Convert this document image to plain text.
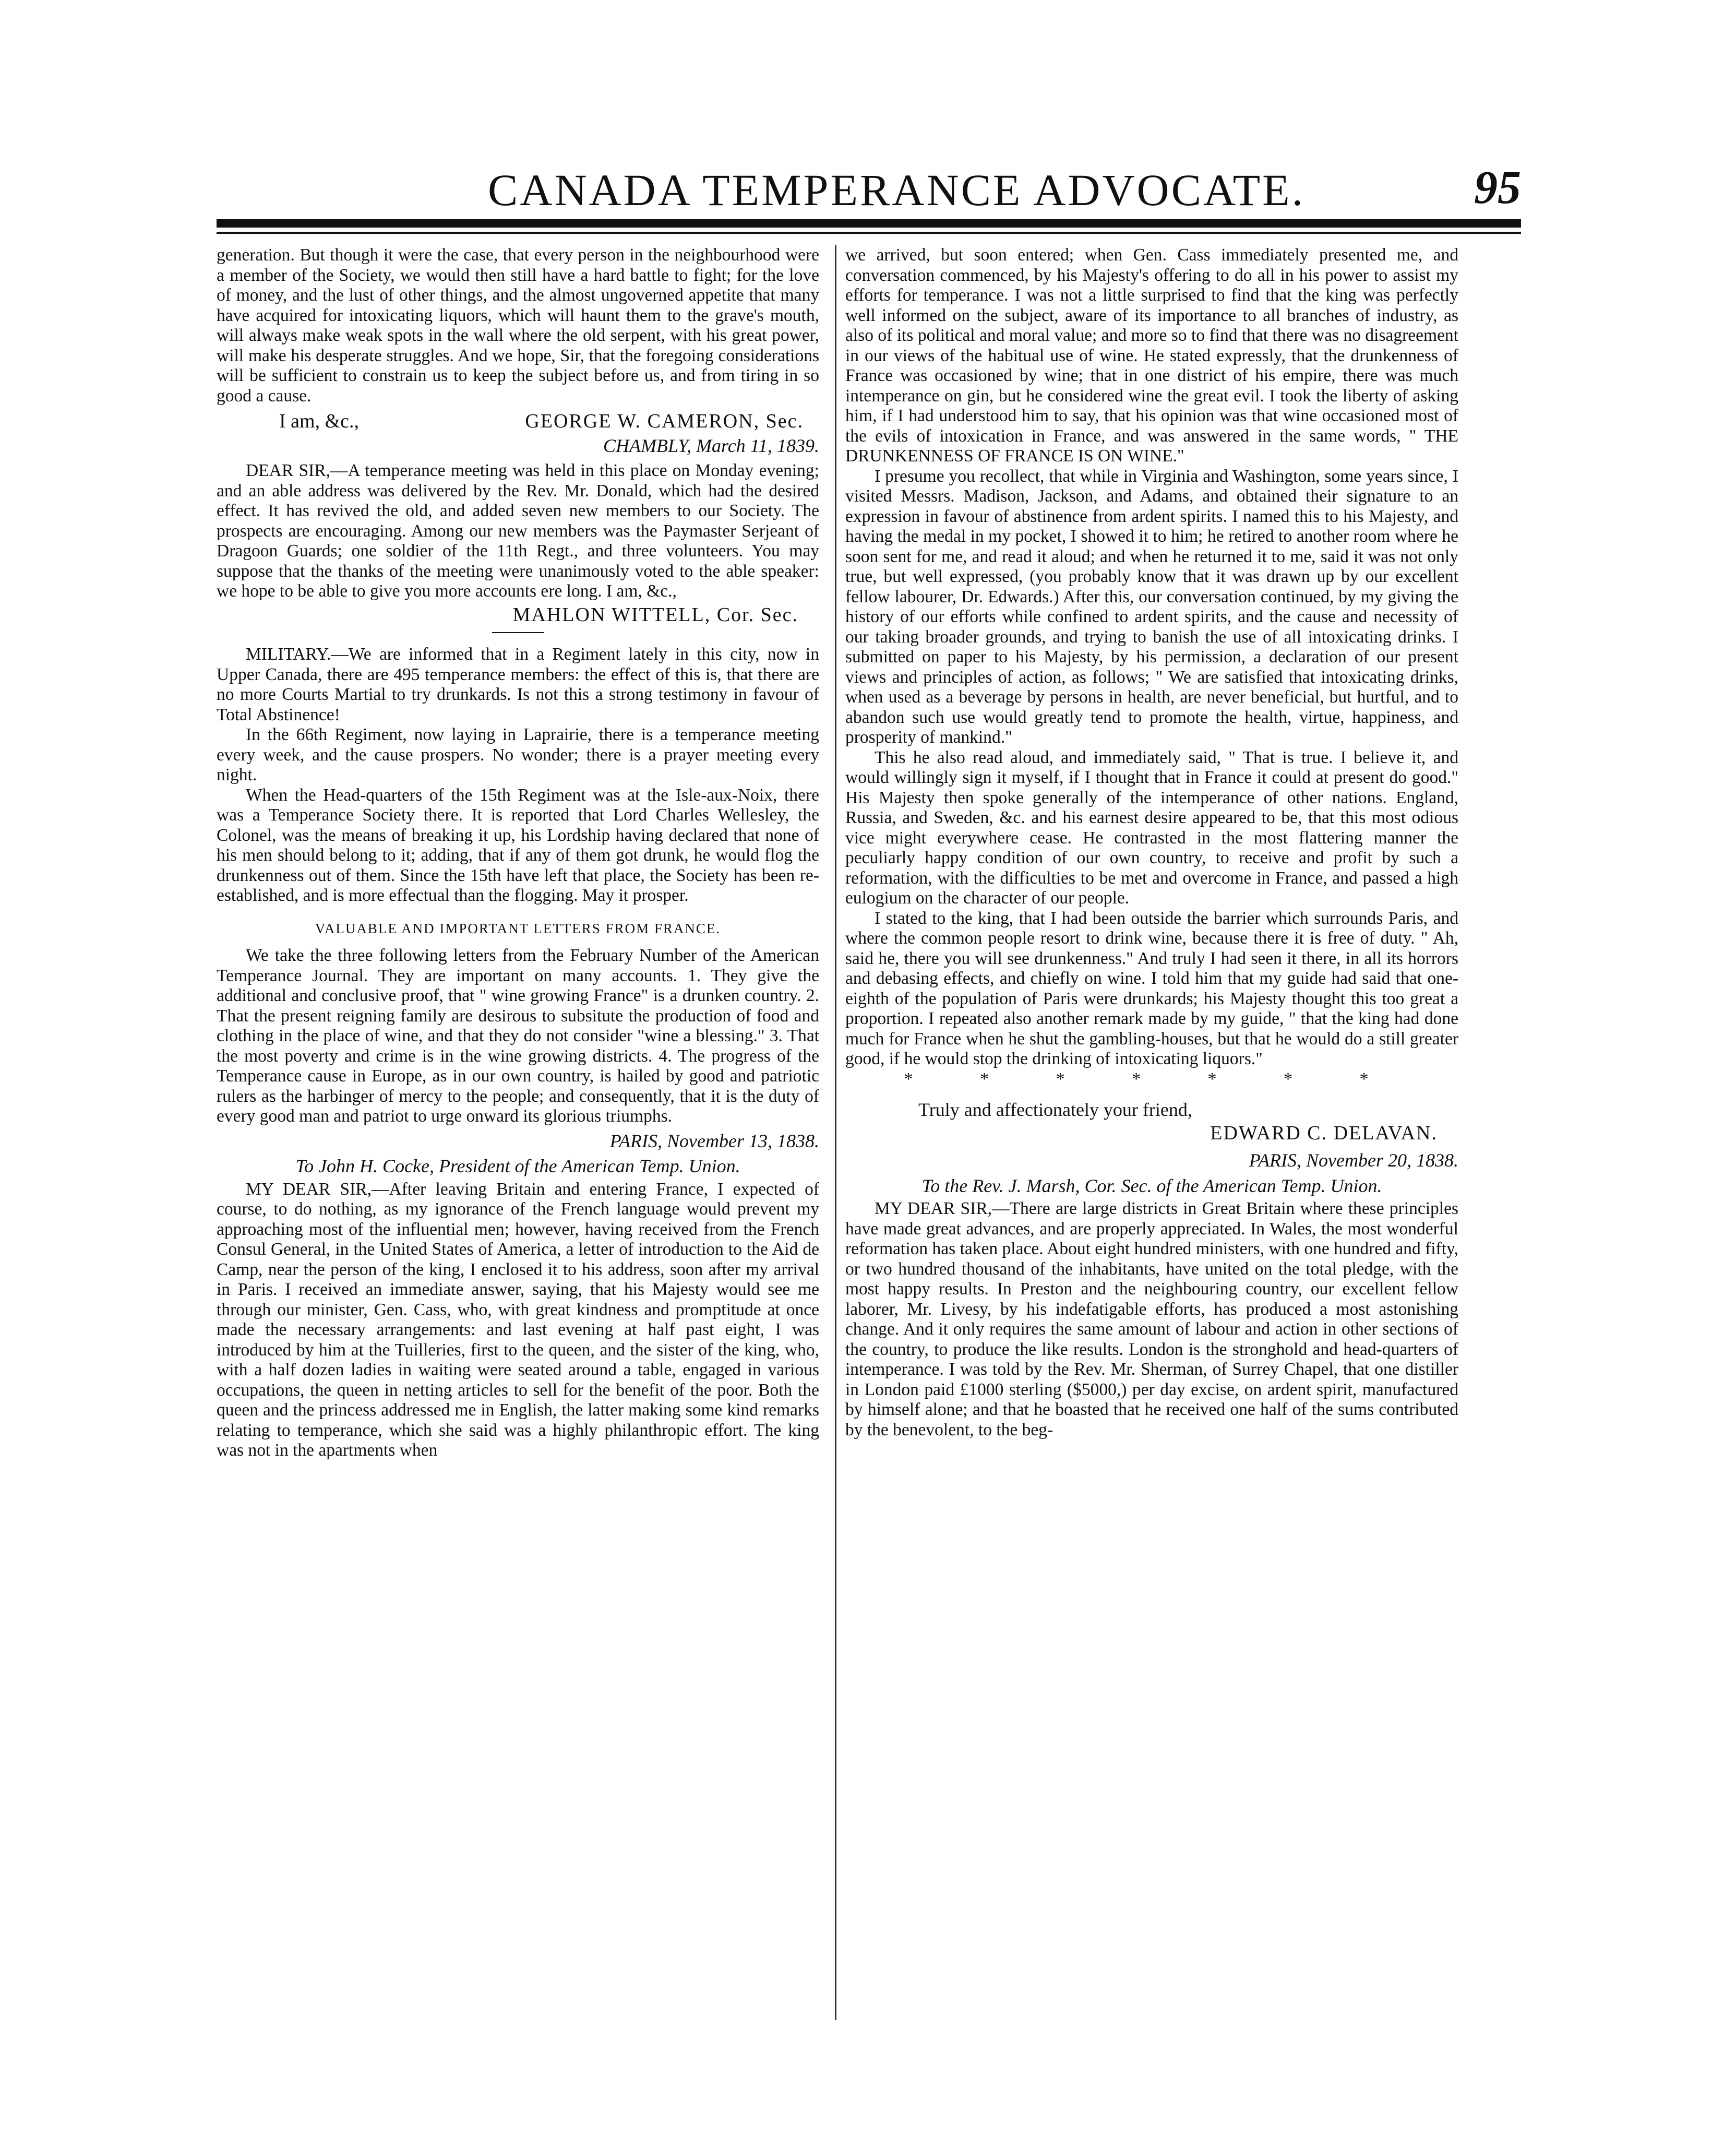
CANADA TEMPERANCE ADVOCATE.	95

generation. But though it were the case, that every person in the neighbourhood were a member of the Society, we would then still have a hard battle to fight; for the love of money, and the lust of other things, and the almost ungoverned appetite that many have acquired for intoxicating liquors, which will haunt them to the grave's mouth, will always make weak spots in the wall where the old serpent, with his great power, will make his desperate struggles. And we hope, Sir, that the foregoing considerations will be sufficient to constrain us to keep the subject before us, and from tiring in so good a cause.

I am, &c.,	GEORGE W. CAMERON, Sec.
CHAMBLY, March 11, 1839.

DEAR SIR,—A temperance meeting was held in this place on Monday evening; and an able address was delivered by the Rev. Mr. Donald, which had the desired effect. It has revived the old, and added seven new members to our Society. The prospects are encouraging. Among our new members was the Paymaster Serjeant of Dragoon Guards; one soldier of the 11th Regt., and three volunteers. You may suppose that the thanks of the meeting were unanimously voted to the able speaker: we hope to be able to give you more accounts ere long. I am, &c.,

MAHLON WITTELL, Cor. Sec.

MILITARY.—We are informed that in a Regiment lately in this city, now in Upper Canada, there are 495 temperance members: the effect of this is, that there are no more Courts Martial to try drunkards. Is not this a strong testimony in favour of Total Abstinence!

In the 66th Regiment, now laying in Laprairie, there is a temperance meeting every week, and the cause prospers. No wonder; there is a prayer meeting every night.

When the Head-quarters of the 15th Regiment was at the Isle-aux-Noix, there was a Temperance Society there. It is reported that Lord Charles Wellesley, the Colonel, was the means of breaking it up, his Lordship having declared that none of his men should belong to it; adding, that if any of them got drunk, he would flog the drunkenness out of them. Since the 15th have left that place, the Society has been re-established, and is more effectual than the flogging. May it prosper.

VALUABLE AND IMPORTANT LETTERS FROM FRANCE.

We take the three following letters from the February Number of the American Temperance Journal. They are important on many accounts. 1. They give the additional and conclusive proof, that " wine growing France" is a drunken country. 2. That the present reigning family are desirous to subsitute the production of food and clothing in the place of wine, and that they do not consider "wine a blessing." 3. That the most poverty and crime is in the wine growing districts. 4. The progress of the Temperance cause in Europe, as in our own country, is hailed by good and patriotic rulers as the harbinger of mercy to the people; and consequently, that it is the duty of every good man and patriot to urge onward its glorious triumphs.

PARIS, November 13, 1838.
To John H. Cocke, President of the American Temp. Union.

MY DEAR SIR,—After leaving Britain and entering France, I expected of course, to do nothing, as my ignorance of the French language would prevent my approaching most of the influential men; however, having received from the French Consul General, in the United States of America, a letter of introduction to the Aid de Camp, near the person of the king, I enclosed it to his address, soon after my arrival in Paris. I received an immediate answer, saying, that his Majesty would see me through our minister, Gen. Cass, who, with great kindness and promptitude at once made the necessary arrangements: and last evening at half past eight, I was introduced by him at the Tuilleries, first to the queen, and the sister of the king, who, with a half dozen ladies in waiting were seated around a table, engaged in various occupations, the queen in netting articles to sell for the benefit of the poor. Both the queen and the princess addressed me in English, the latter making some kind remarks relating to temperance, which she said was a highly philanthropic effort. The king was not in the apartments when

we arrived, but soon entered; when Gen. Cass immediately presented me, and conversation commenced, by his Majesty's offering to do all in his power to assist my efforts for temperance. I was not a little surprised to find that the king was perfectly well informed on the subject, aware of its importance to all branches of industry, as also of its political and moral value; and more so to find that there was no disagreement in our views of the habitual use of wine. He stated expressly, that the drunkenness of France was occasioned by wine; that in one district of his empire, there was much intemperance on gin, but he considered wine the great evil. I took the liberty of asking him, if I had understood him to say, that his opinion was that wine occasioned most of the evils of intoxication in France, and was answered in the same words, " THE DRUNKENNESS OF FRANCE IS ON WINE."

I presume you recollect, that while in Virginia and Washington, some years since, I visited Messrs. Madison, Jackson, and Adams, and obtained their signature to an expression in favour of abstinence from ardent spirits. I named this to his Majesty, and having the medal in my pocket, I showed it to him; he retired to another room where he soon sent for me, and read it aloud; and when he returned it to me, said it was not only true, but well expressed, (you probably know that it was drawn up by our excellent fellow labourer, Dr. Edwards.) After this, our conversation continued, by my giving the history of our efforts while confined to ardent spirits, and the cause and necessity of our taking broader grounds, and trying to banish the use of all intoxicating drinks. I submitted on paper to his Majesty, by his permission, a declaration of our present views and principles of action, as follows; " We are satisfied that intoxicating drinks, when used as a beverage by persons in health, are never beneficial, but hurtful, and to abandon such use would greatly tend to promote the health, virtue, happiness, and prosperity of mankind."

This he also read aloud, and immediately said, " That is true. I believe it, and would willingly sign it myself, if I thought that in France it could at present do good." His Majesty then spoke generally of the intemperance of other nations. England, Russia, and Sweden, &c. and his earnest desire appeared to be, that this most odious vice might everywhere cease. He contrasted in the most flattering manner the peculiarly happy condition of our own country, to receive and profit by such a reformation, with the difficulties to be met and overcome in France, and passed a high eulogium on the character of our people.

I stated to the king, that I had been outside the barrier which surrounds Paris, and where the common people resort to drink wine, because there it is free of duty. " Ah, said he, there you will see drunkenness." And truly I had seen it there, in all its horrors and debasing effects, and chiefly on wine. I told him that my guide had said that one-eighth of the population of Paris were drunkards; his Majesty thought this too great a proportion. I repeated also another remark made by my guide, " that the king had done much for France when he shut the gambling-houses, but that he would do a still greater good, if he would stop the drinking of intoxicating liquors."

* * * * * * *
Truly and affectionately your friend,
EDWARD C. DELAVAN.
PARIS, November 20, 1838.
To the Rev. J. Marsh, Cor. Sec. of the American Temp. Union.

MY DEAR SIR,—There are large districts in Great Britain where these principles have made great advances, and are properly appreciated. In Wales, the most wonderful reformation has taken place. About eight hundred ministers, with one hundred and fifty, or two hundred thousand of the inhabitants, have united on the total pledge, with the most happy results. In Preston and the neighbouring country, our excellent fellow laborer, Mr. Livesy, by his indefatigable efforts, has produced a most astonishing change. And it only requires the same amount of labour and action in other sections of the country, to produce the like results. London is the stronghold and head-quarters of intemperance. I was told by the Rev. Mr. Sherman, of Surrey Chapel, that one distiller in London paid £1000 sterling ($5000,) per day excise, on ardent spirit, manufactured by himself alone; and that he boasted that he received one half of the sums contributed by the benevolent, to the beg-
